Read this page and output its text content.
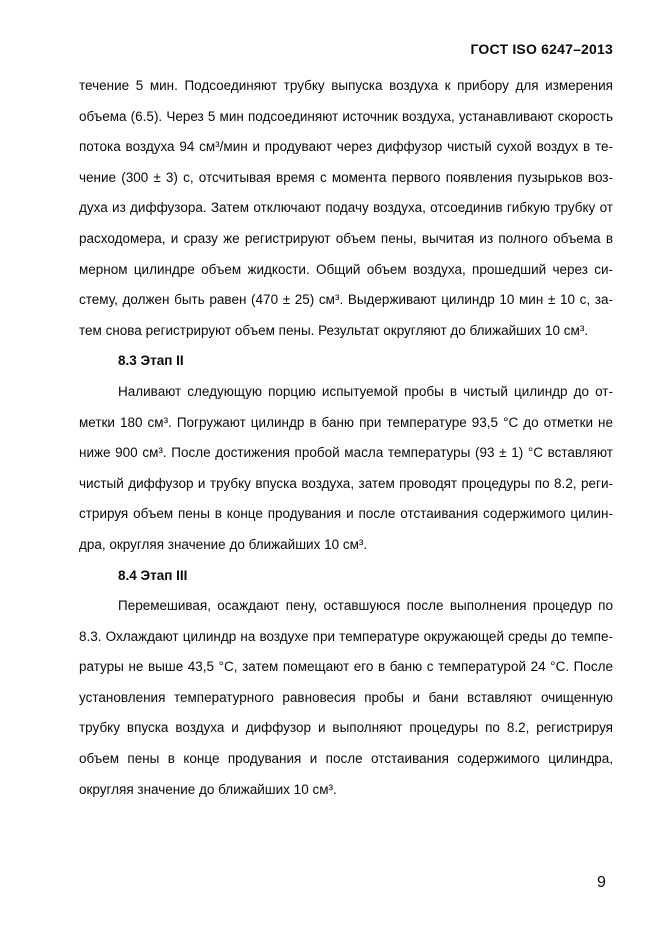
ГОСТ ISO 6247–2013
течение 5 мин. Подсоединяют трубку выпуска воздуха к прибору для измерения
объема (6.5). Через 5 мин подсоединяют источник воздуха, устанавливают скорость
потока воздуха 94 см³/мин и продувают через диффузор чистый сухой воздух в те-
чение (300 ± 3) с, отсчитывая время с момента первого появления пузырьков воз-
духа из диффузора. Затем отключают подачу воздуха, отсоединив гибкую трубку от
расходомера, и сразу же регистрируют объем пены, вычитая из полного объема в
мерном цилиндре объем жидкости. Общий объем воздуха, прошедший через си-
стему, должен быть равен (470 ± 25) см³. Выдерживают цилиндр 10 мин ± 10 с, за-
тем снова регистрируют объем пены. Результат округляют до ближайших 10 см³.
8.3 Этап II
Наливают следующую порцию испытуемой пробы в чистый цилиндр до от-
метки 180 см³. Погружают цилиндр в баню при температуре 93,5 °С до отметки не
ниже 900 см³. После достижения пробой масла температуры (93 ± 1) °С вставляют
чистый диффузор и трубку впуска воздуха, затем проводят процедуры по 8.2, реги-
стрируя объем пены в конце продувания и после отстаивания содержимого цилин-
дра, округляя значение до ближайших 10 см³.
8.4 Этап III
Перемешивая, осаждают пену, оставшуюся после выполнения процедур по
8.3. Охлаждают цилиндр на воздухе при температуре окружающей среды до темпе-
ратуры не выше 43,5 °С, затем помещают его в баню с температурой 24 °С. После
установления температурного равновесия пробы и бани вставляют очищенную
трубку впуска воздуха и диффузор и выполняют процедуры по 8.2, регистрируя
объем пены в конце продувания и после отстаивания содержимого цилиндра,
округляя значение до ближайших 10 см³.
9
